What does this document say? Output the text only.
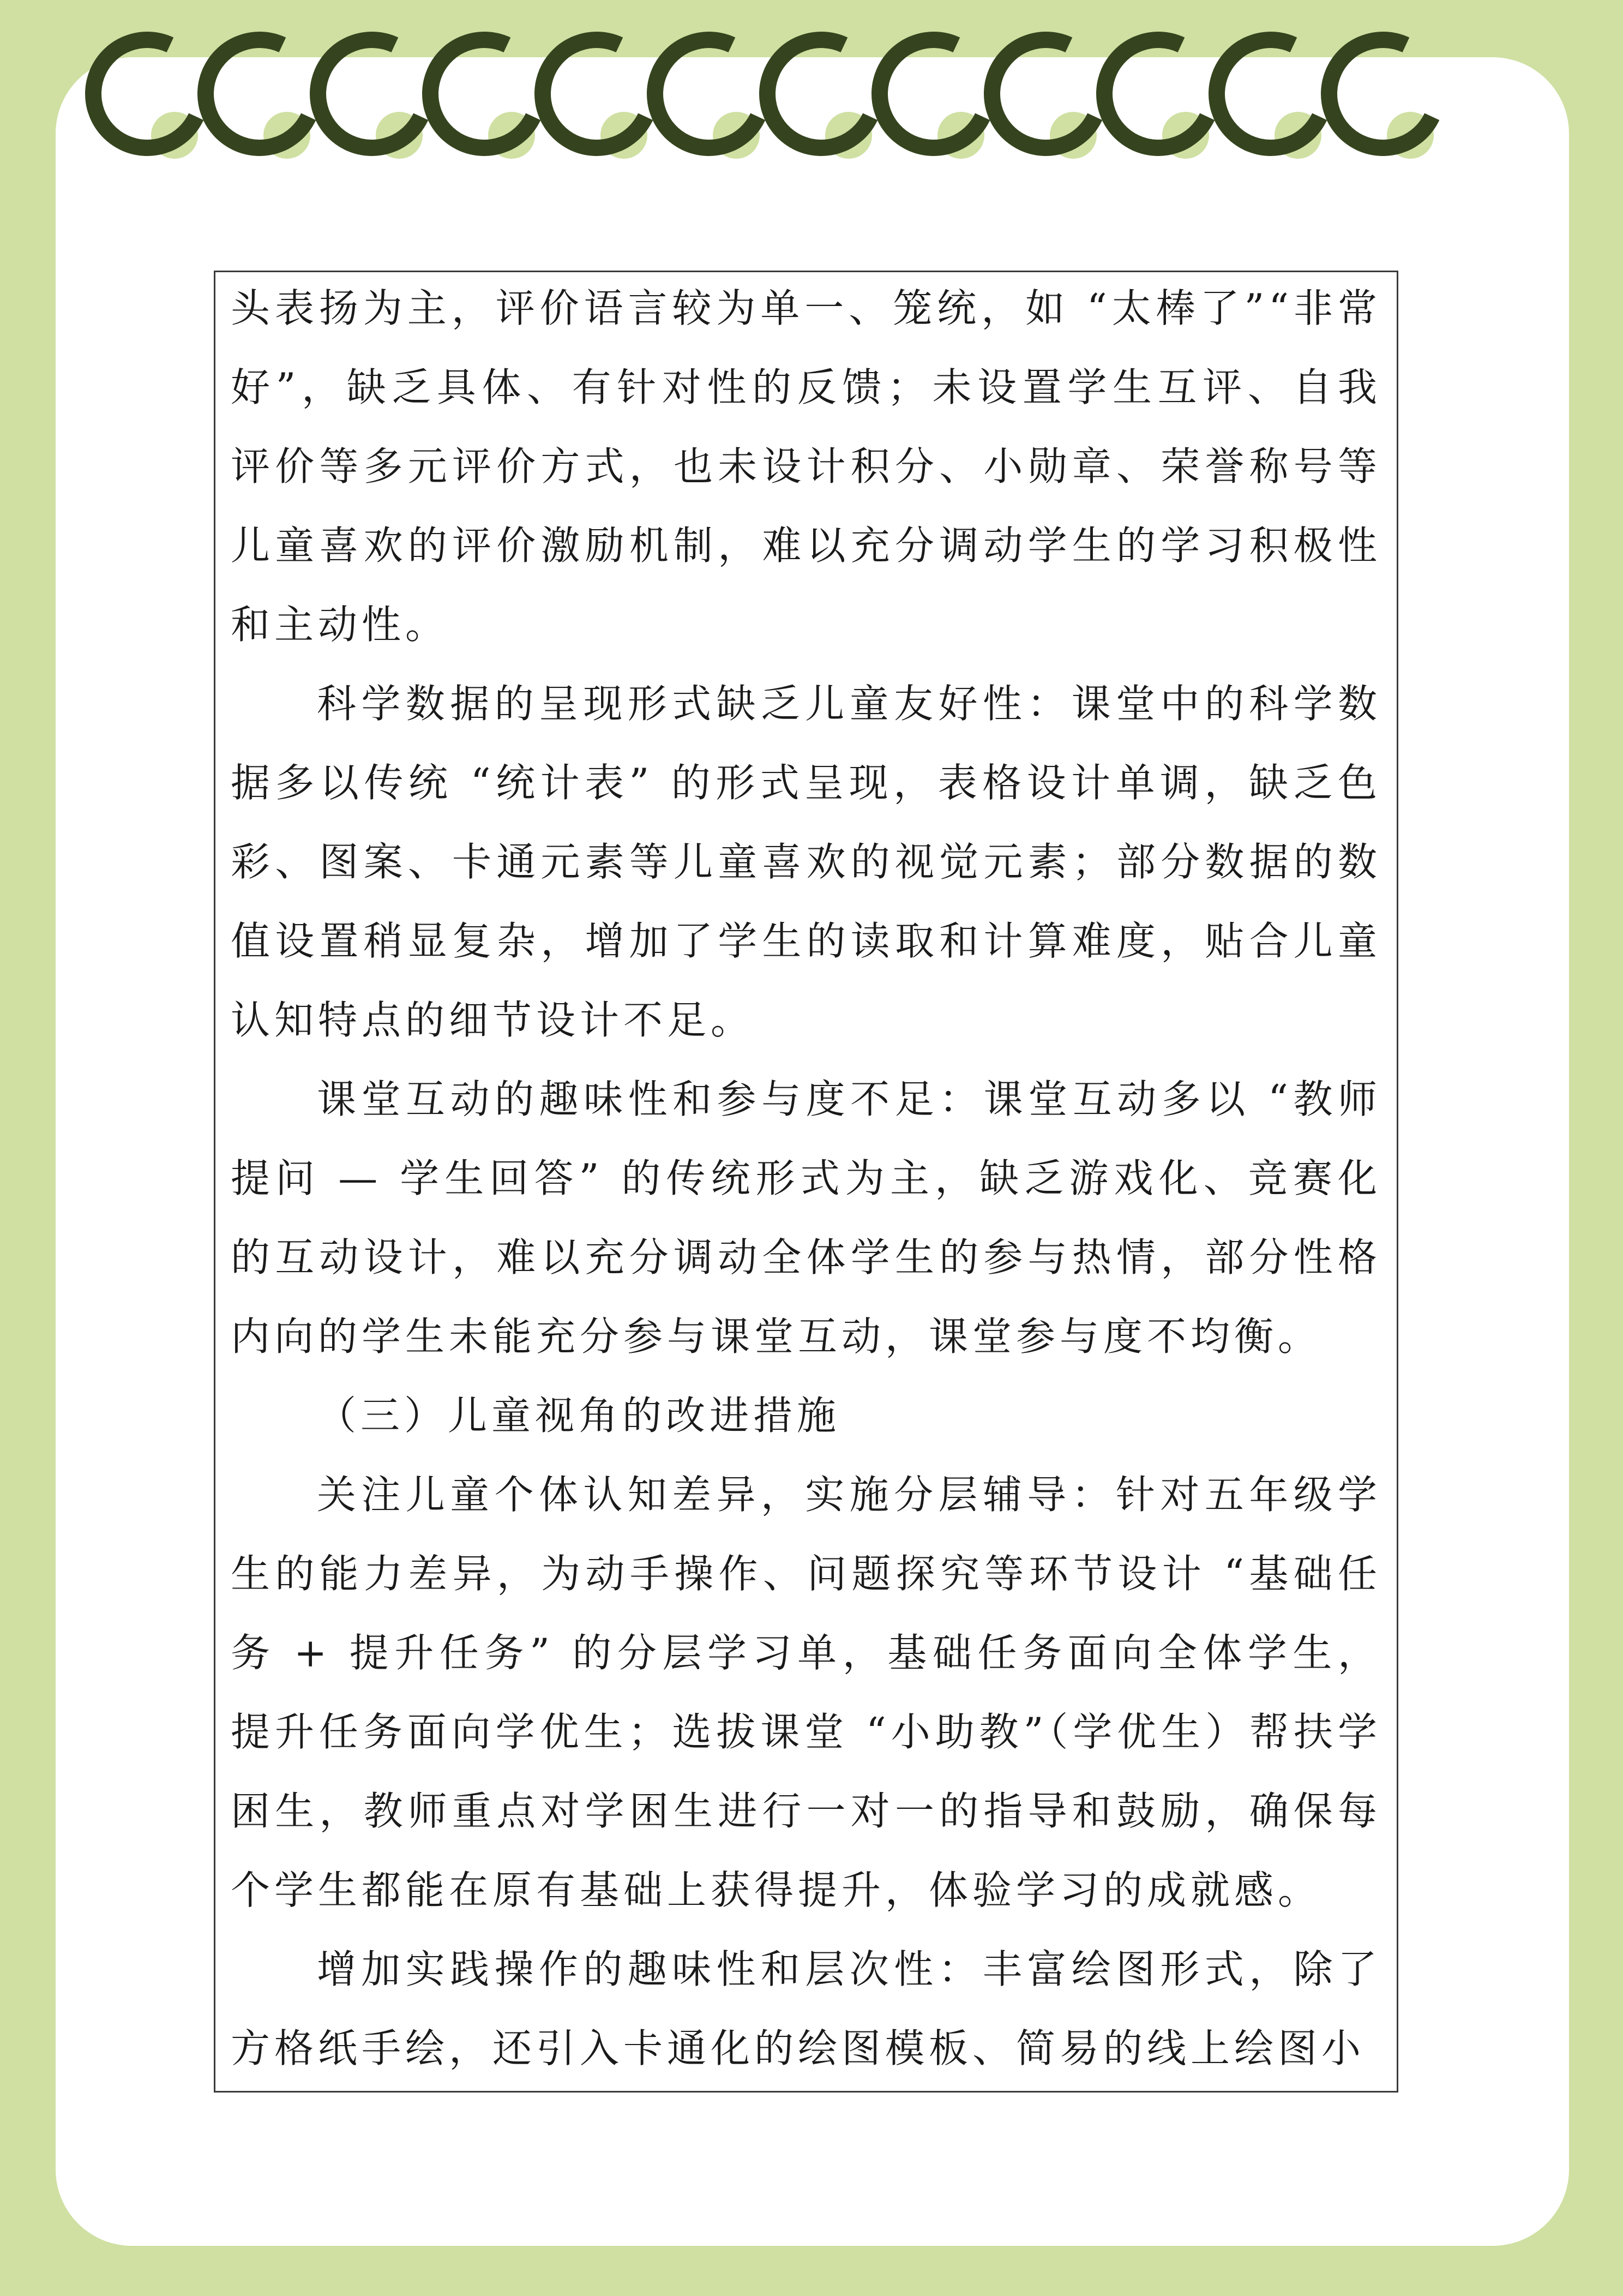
头表扬为主，评价语言较为单一、笼统，如 “太棒了”“非常好”，缺乏具体、有针对性的反馈；未设置学生互评、自我评价等多元评价方式，也未设计积分、小勋章、荣誉称号等儿童喜欢的评价激励机制，难以充分调动学生的学习积极性和主动性。

科学数据的呈现形式缺乏儿童友好性：课堂中的科学数据多以传统 “统计表” 的形式呈现，表格设计单调，缺乏色彩、图案、卡通元素等儿童喜欢的视觉元素；部分数据的数值设置稍显复杂，增加了学生的读取和计算难度，贴合儿童认知特点的细节设计不足。

课堂互动的趣味性和参与度不足：课堂互动多以 “教师提问 — 学生回答” 的传统形式为主，缺乏游戏化、竞赛化的互动设计，难以充分调动全体学生的参与热情，部分性格内向的学生未能充分参与课堂互动，课堂参与度不均衡。

（三）儿童视角的改进措施

关注儿童个体认知差异，实施分层辅导：针对五年级学生的能力差异，为动手操作、问题探究等环节设计 “基础任务 + 提升任务” 的分层学习单，基础任务面向全体学生，提升任务面向学优生；选拔课堂 “小助教”（学优生）帮扶学困生，教师重点对学困生进行一对一的指导和鼓励，确保每个学生都能在原有基础上获得提升，体验学习的成就感。

增加实践操作的趣味性和层次性：丰富绘图形式，除了方格纸手绘，还引入卡通化的绘图模板、简易的线上绘图小
